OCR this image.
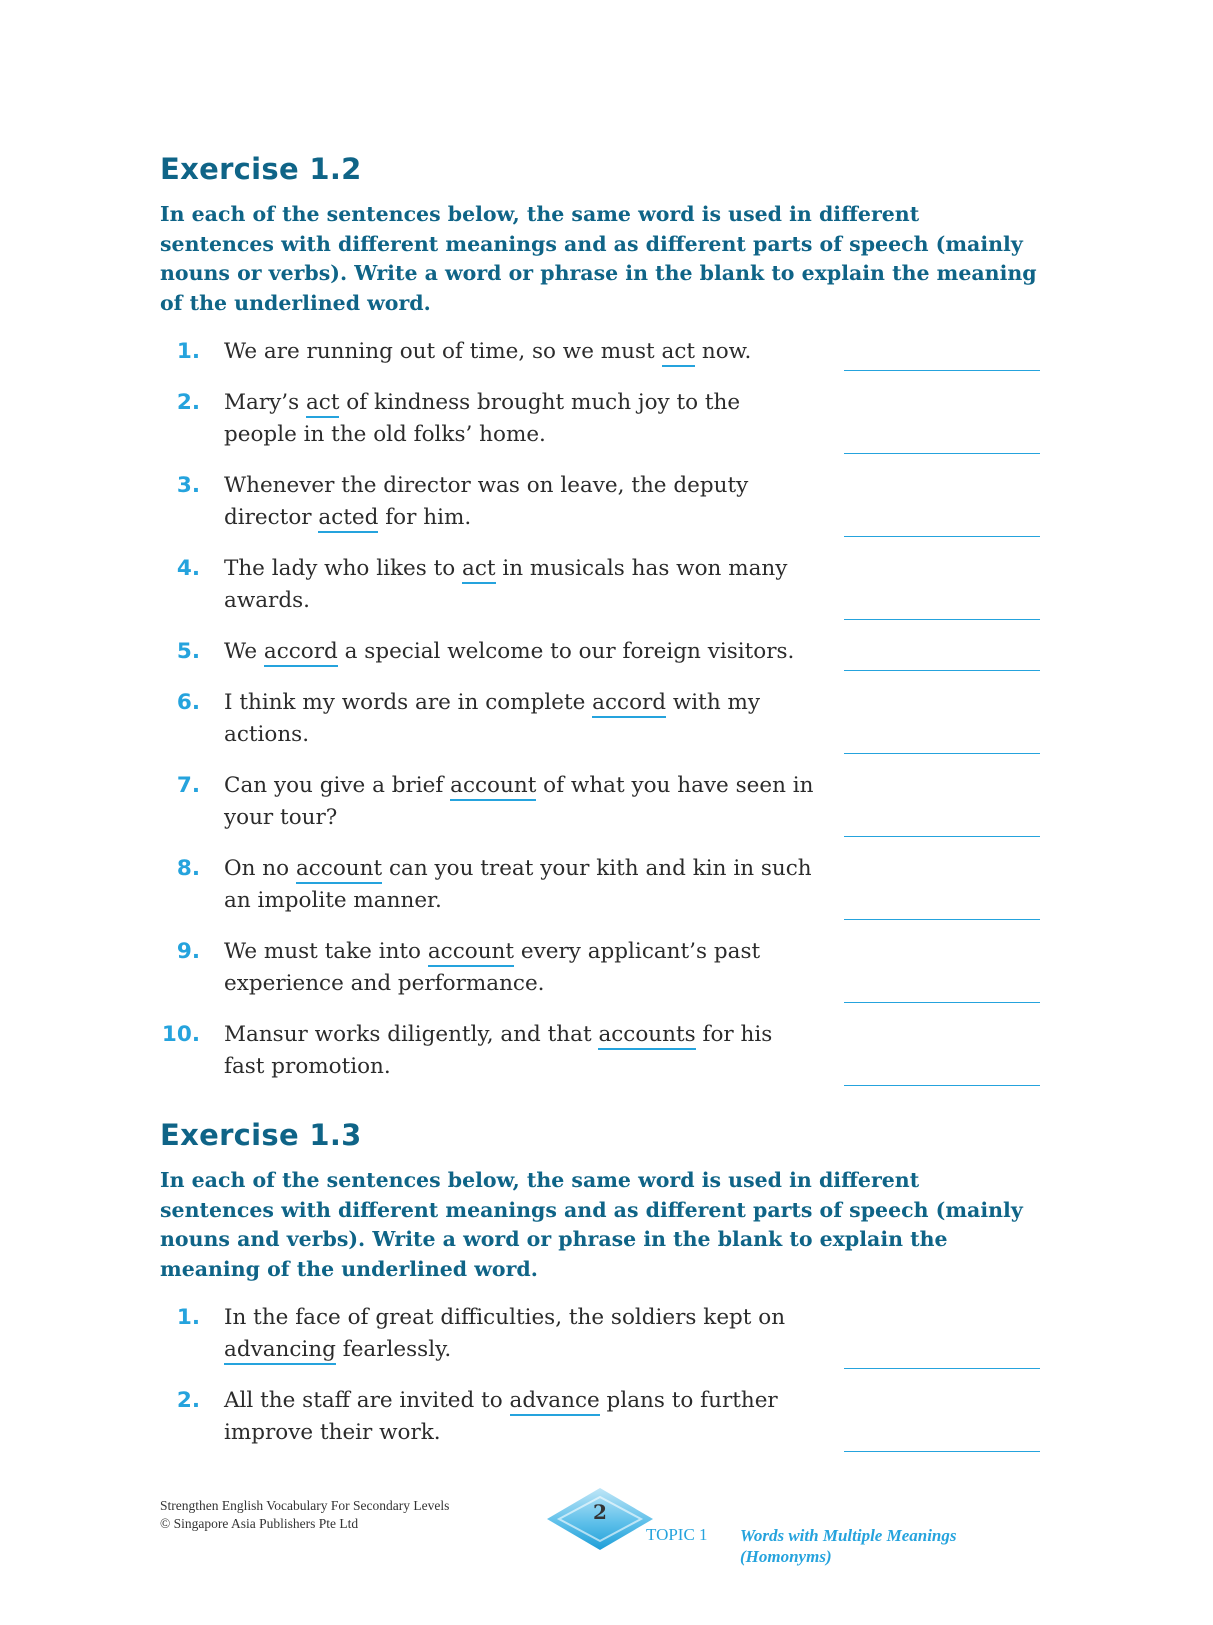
Exercise 1.2

In each of the sentences below, the same word is used in different sentences with different meanings and as different parts of speech (mainly nouns or verbs). Write a word or phrase in the blank to explain the meaning of the underlined word.

1.	We are running out of time, so we must act now.
2.	Mary’s act of kindness brought much joy to the people in the old folks’ home.
3.	Whenever the director was on leave, the deputy director acted for him.
4.	The lady who likes to act in musicals has won many awards.
5.	We accord a special welcome to our foreign visitors.
6.	I think my words are in complete accord with my actions.
7.	Can you give a brief account of what you have seen in your tour?
8.	On no account can you treat your kith and kin in such an impolite manner.
9.	We must take into account every applicant’s past experience and performance.
10.	Mansur works diligently, and that accounts for his fast promotion.
Exercise 1.3

In each of the sentences below, the same word is used in different sentences with different meanings and as different parts of speech (mainly nouns and verbs). Write a word or phrase in the blank to explain the meaning of the underlined word.

1.	In the face of great difficulties, the soldiers kept on advancing fearlessly.
2.	All the staff are invited to advance plans to further improve their work.
Strengthen English Vocabulary For Secondary Levels
© Singapore Asia Publishers Pte Ltd	2
TOPIC 1 Words with Multiple Meanings
(Homonyms)
